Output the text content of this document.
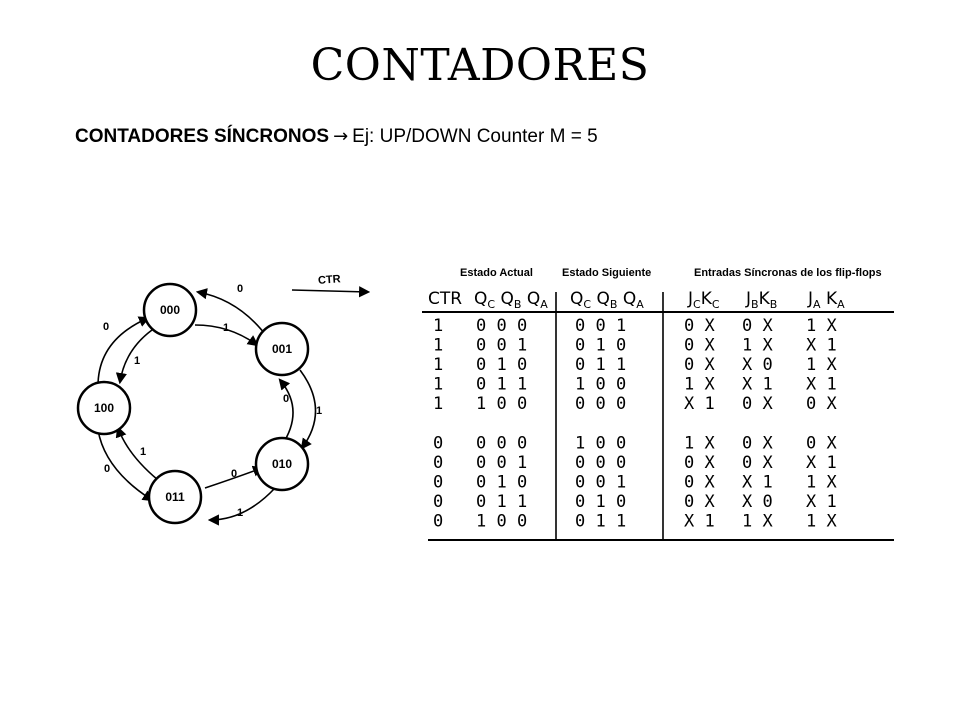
CONTADORES
CONTADORES SÍNCRONOS → Ej: UP/DOWN Counter M = 5
CTR
000
001
010
011
100
0
1
1
0
1
0
1
0
0
1
Estado Actual	Estado Siguiente	Entradas Síncronas de los flip-flops
CTR $Q_C$ $Q_B$ $Q_A$ $Q_C$ $Q_B$ $Q_A$	$J_CK_C$ $J_BK_B$ $J_A$ $K_A$
1 0 0 0	0 0 1	0 X 0 X 1 X
1 0 0 1	0 1 0	0 X 1 X X 1
1 0 1 0	0 1 1	0 X X 0 1 X
1 0 1 1	1 0 0	1 X X 1 X 1
1 1 0 0	0 0 0	X 1 0 X 0 X
0 0 0 0	1 0 0	1 X 0 X 0 X
0 0 0 1	0 0 0	0 X 0 X X 1
0 0 1 0	0 0 1	0 X X 1 1 X
0 0 1 1	0 1 0	0 X X 0 X 1
0 1 0 0	0 1 1	X 1 1 X 1 X
